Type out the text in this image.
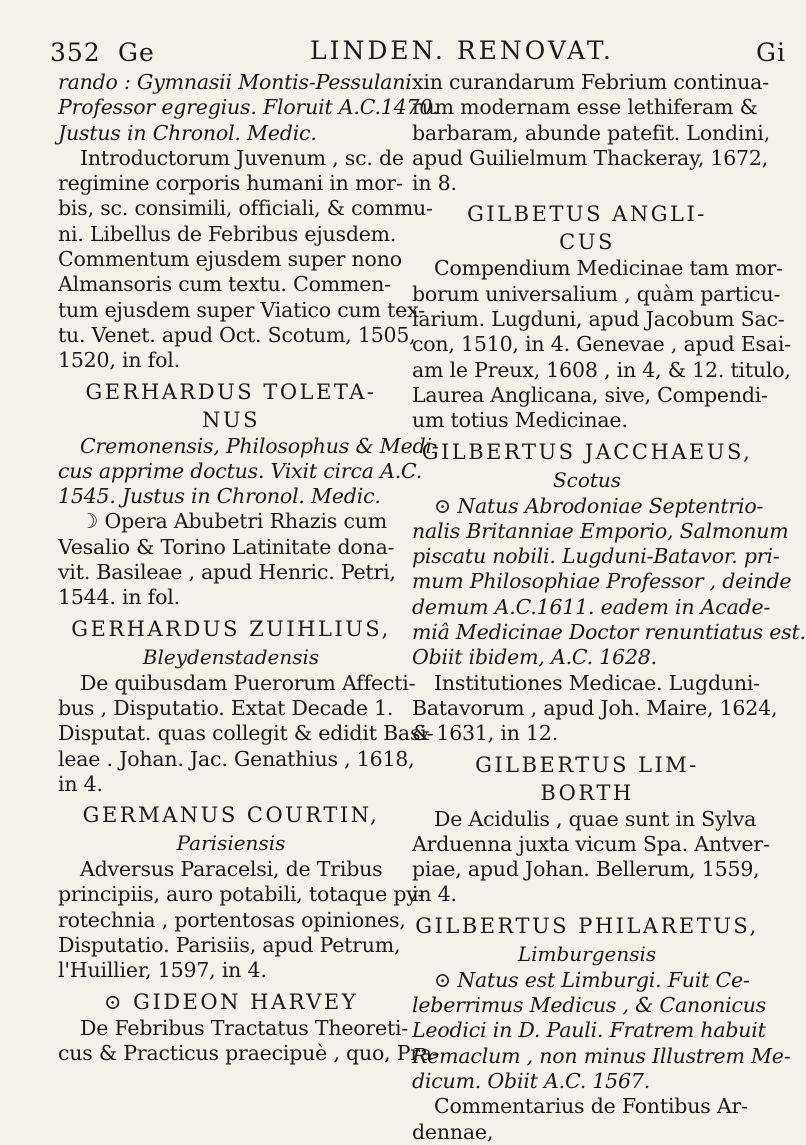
352 Ge	LINDEN. RENOVAT.	Gi
rando : Gymnasii Montis-Pessulani
Professor egregius. Floruit A.C.1470.
Justus in Chronol. Medic.
Introductorum Juvenum , sc. de
regimine corporis humani in mor-
bis, sc. consimili, officiali, & commu-
ni. Libellus de Febribus ejusdem.
Commentum ejusdem super nono
Almansoris cum textu. Commen-
tum ejusdem super Viatico cum tex-
tu. Venet. apud Oct. Scotum, 1505,
1520, in fol.
GERHARDUS TOLETA-
NUS
Cremonensis, Philosophus & Medi-
cus apprime doctus. Vixit circa A.C.
1545. Justus in Chronol. Medic.
☽ Opera Abubetri Rhazis cum
Vesalio & Torino Latinitate dona-
vit. Basileae , apud Henric. Petri,
1544. in fol.
GERHARDUS ZUIHLIUS,
Bleydenstadensis
De quibusdam Puerorum Affecti-
bus , Disputatio. Extat Decade 1.
Disputat. quas collegit & edidit Basi-
leae . Johan. Jac. Genathius , 1618,
in 4.
GERMANUS COURTIN,
Parisiensis
Adversus Paracelsi, de Tribus
principiis, auro potabili, totaque py-
rotechnia , portentosas opiniones,
Disputatio. Parisiis, apud Petrum,
l'Huillier, 1597, in 4.
⊙ GIDEON HARVEY
De Febribus Tractatus Theoreti-
cus & Practicus praecipuè , quo, Pra-
xin curandarum Febrium continua-
rum modernam esse lethiferam &
barbaram, abunde patefit. Londini,
apud Guilielmum Thackeray, 1672,
in 8.
GILBETUS ANGLI-
CUS
Compendium Medicinae tam mor-
borum universalium , quàm particu-
larium. Lugduni, apud Jacobum Sac-
con, 1510, in 4. Genevae , apud Esai-
am le Preux, 1608 , in 4, & 12. titulo,
Laurea Anglicana, sive, Compendi-
um totius Medicinae.
GILBERTUS JACCHAEUS,
Scotus
⊙ Natus Abrodoniae Septentrio-
nalis Britanniae Emporio, Salmonum
piscatu nobili. Lugduni-Batavor. pri-
mum Philosophiae Professor , deinde
demum A.C.1611. eadem in Acade-
miâ Medicinae Doctor renuntiatus est.
Obiit ibidem, A.C. 1628.
Institutiones Medicae. Lugduni-
Batavorum , apud Joh. Maire, 1624,
& 1631, in 12.
GILBERTUS LIM-
BORTH
De Acidulis , quae sunt in Sylva
Arduenna juxta vicum Spa. Antver-
piae, apud Johan. Bellerum, 1559,
in 4.
GILBERTUS PHILARETUS,
Limburgensis
⊙ Natus est Limburgi. Fuit Ce-
leberrimus Medicus , & Canonicus
Leodici in D. Pauli. Fratrem habuit
Remaclum , non minus Illustrem Me-
dicum. Obiit A.C. 1567.
Commentarius de Fontibus Ar-
dennae,
